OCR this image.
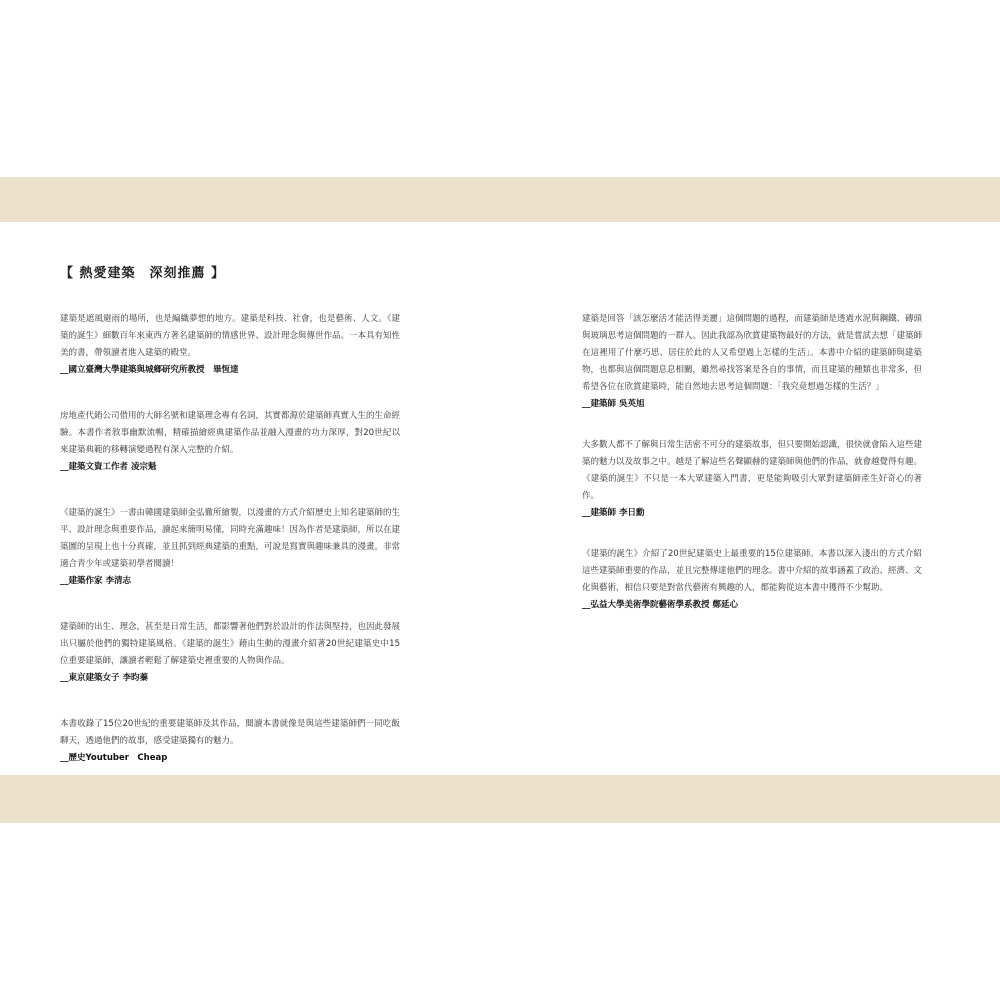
【 熱愛建築　深刻推薦 】

建築是遮風避雨的場所，也是編織夢想的地方。建築是科技、社會，也是藝術、人文。《建築的誕生》細數百年來東西方著名建築師的情感世界、設計理念與傳世作品。一本具有知性美的書，帶領讀者進入建築的殿堂。

__國立臺灣大學建築與城鄉研究所教授　畢恆達

房地產代銷公司借用的大師名號和建築理念專有名詞，其實都源於建築師真實人生的生命經驗。本書作者敘事幽默流暢，精確描繪經典建築作品並融入漫畫的功力深厚，對20世紀以來建築典範的移轉演變過程有深入完整的介紹。

__建築文資工作者 凌宗魁

《建築的誕生》一書由韓國建築師金弘徹所繪製，以漫畫的方式介紹歷史上知名建築師的生平、設計理念與重要作品，讀起來簡明易懂，同時充滿趣味！因為作者是建築師，所以在建築圖的呈現上也十分真確，並且抓到經典建築的重點，可說是寫實與趣味兼具的漫畫。非常適合青少年或建築初學者閱讀！

__建築作家 李清志

建築師的出生、理念，甚至是日常生活，都影響著他們對於設計的作法與堅持，也因此發展出只屬於他們的獨特建築風格。《建築的誕生》藉由生動的漫畫介紹著20世紀建築史中15位重要建築師，讓讀者輕鬆了解建築史裡重要的人物與作品。

__東京建築女子 李昀蓁

本書收錄了15位20世紀的重要建築師及其作品，閱讀本書就像是與這些建築師們一同吃飯聊天，透過他們的故事，感受建築獨有的魅力。

__歷史Youtuber　Cheap

建築是回答「該怎麼活才能活得美麗」這個問題的過程，而建築師是透過水泥與鋼鐵、磚頭與玻璃思考這個問題的一群人。因此我認為欣賞建築物最好的方法，就是嘗試去想「建築師在這裡用了什麼巧思、居住於此的人又希望過上怎樣的生活」。本書中介紹的建築師與建築物，也都與這個問題息息相關，雖然尋找答案是各自的事情，而且建築的種類也非常多，但希望各位在欣賞建築時，能自然地去思考這個問題：「我究竟想過怎樣的生活？」

__建築師 吳英旭

大多數人都不了解與日常生活密不可分的建築故事，但只要開始認識，很快就會陷入這些建築的魅力以及故事之中。越是了解這些名聲顯赫的建築師與他們的作品，就會越覺得有趣。《建築的誕生》不只是一本大眾建築入門書，更是能夠吸引大眾對建築師產生好奇心的著作。

__建築師 李日勳

《建築的誕生》介紹了20世紀建築史上最重要的15位建築師。本書以深入淺出的方式介紹這些建築師重要的作品，並且完整傳達他們的理念。書中介紹的故事涵蓋了政治、經濟、文化與藝術，相信只要是對當代藝術有興趣的人，都能夠從這本書中獲得不少幫助。

__弘益大學美術學院藝術學系教授 鄭延心
